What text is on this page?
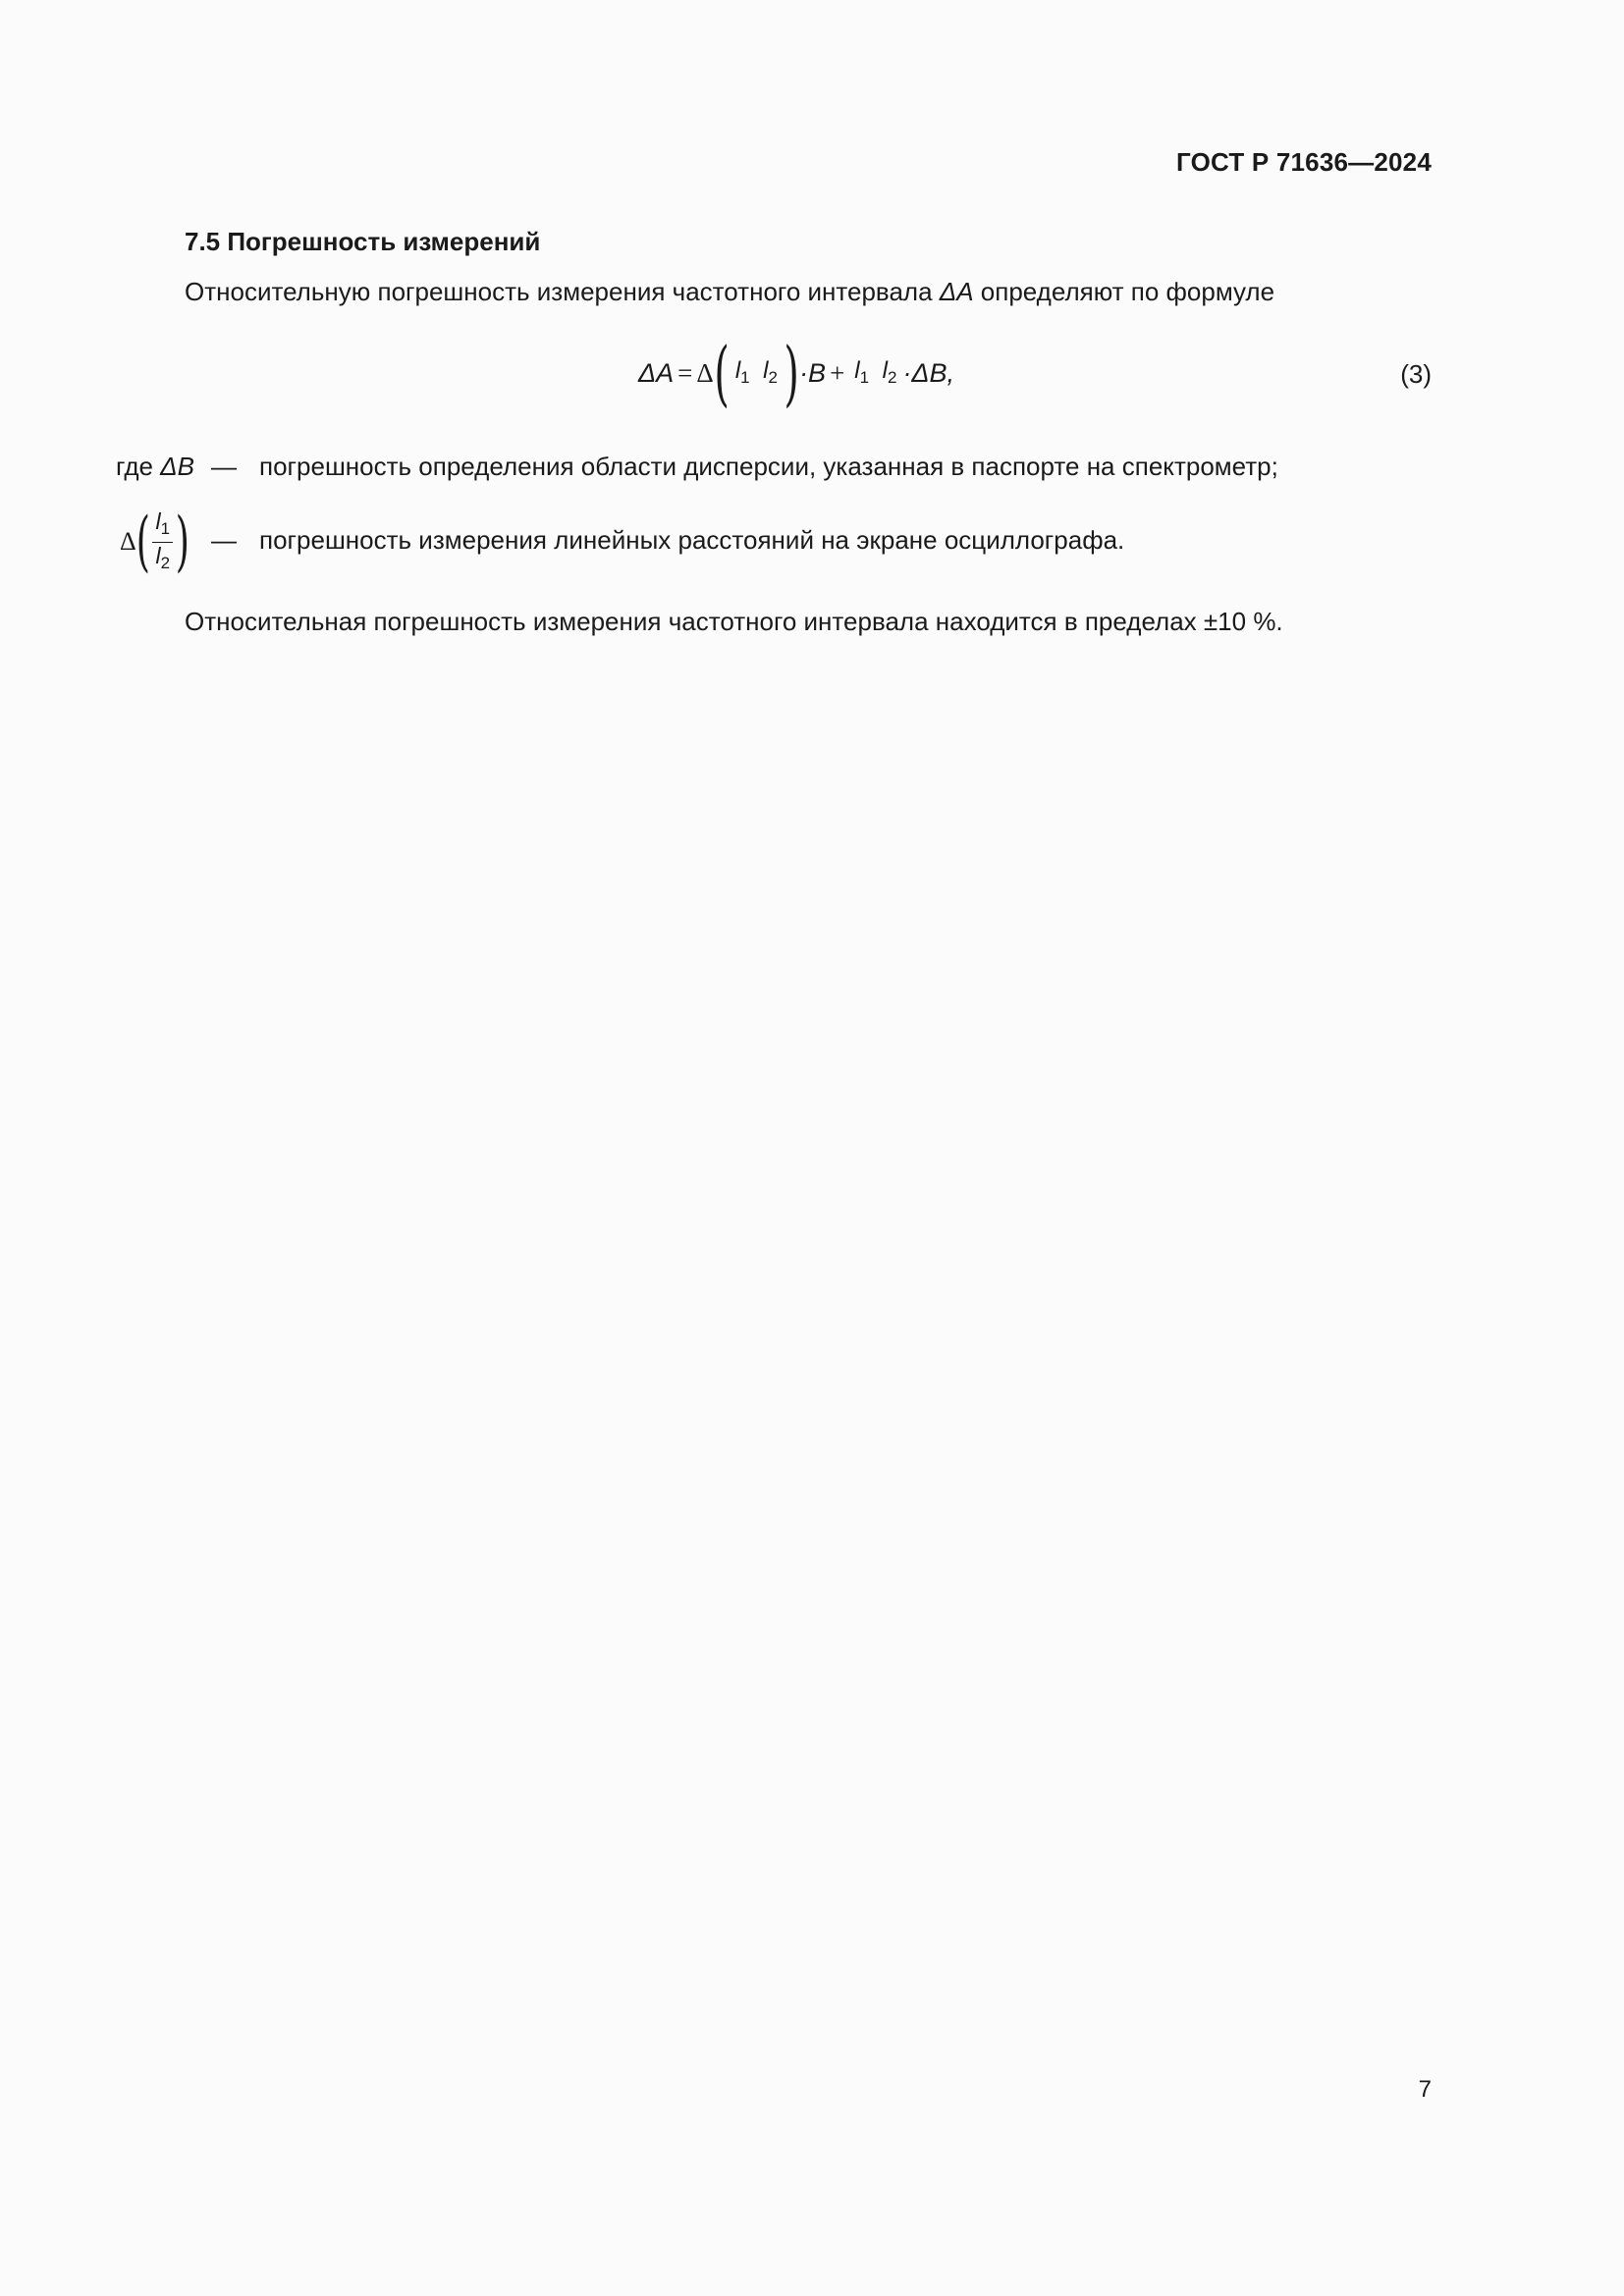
ГОСТ Р 71636—2024
7.5 Погрешность измерений
Относительную погрешность измерения частотного интервала ΔA определяют по формуле
ΔA = Δ ( $l_1$ $l_2$ ) $\cdot B + l_1$ $l_2 \cdot\Delta B$,	(3)
где ΔB — погрешность определения области дисперсии, указанная в паспорте на спектрометр;
Δ ( $\frac{l_1}{l_2}$ ) — погрешность измерения линейных расстояний на экране осциллографа.
Относительная погрешность измерения частотного интервала находится в пределах ±10 %.
7
